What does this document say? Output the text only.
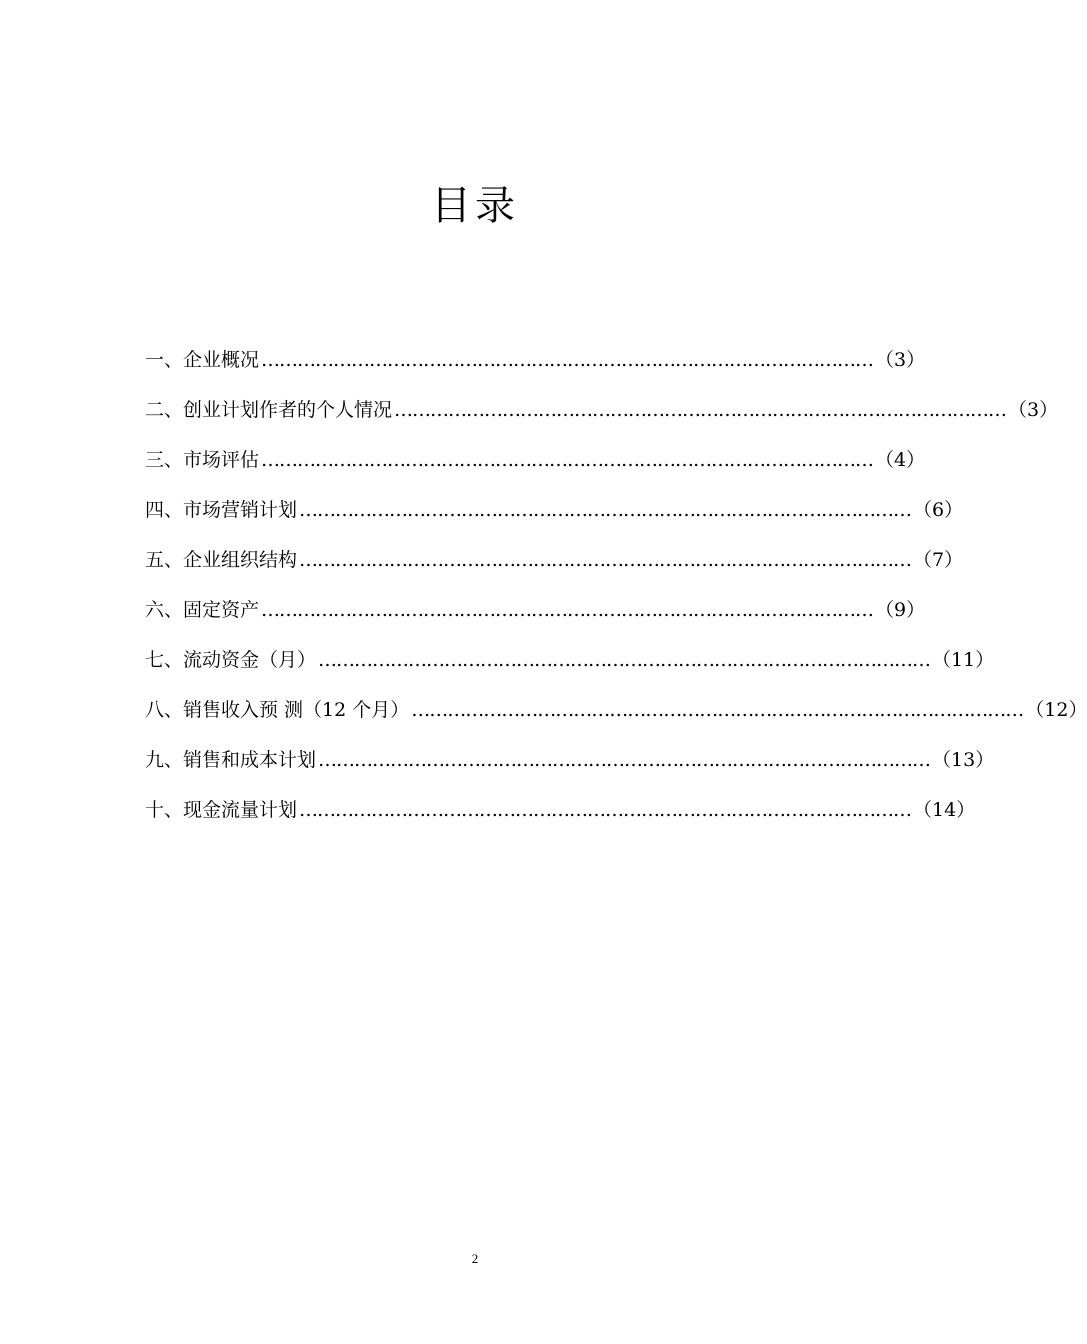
目录
一、企业概况 ………………………………………………………………………………………… （3）
二、创业计划作者的个人情况 ………………………………………………………………………………………… （3）
三、市场评估 ………………………………………………………………………………………… （4）
四、市场营销计划 ………………………………………………………………………………………… （6）
五、企业组织结构 ………………………………………………………………………………………… （7）
六、固定资产 ………………………………………………………………………………………… （9）
七、流动资金（月） ………………………………………………………………………………………… （11）
八、销售收入预 测（12 个月） ………………………………………………………………………………………… （12）
九、销售和成本计划 ………………………………………………………………………………………… （13）
十、现金流量计划 ………………………………………………………………………………………… （14）
2
